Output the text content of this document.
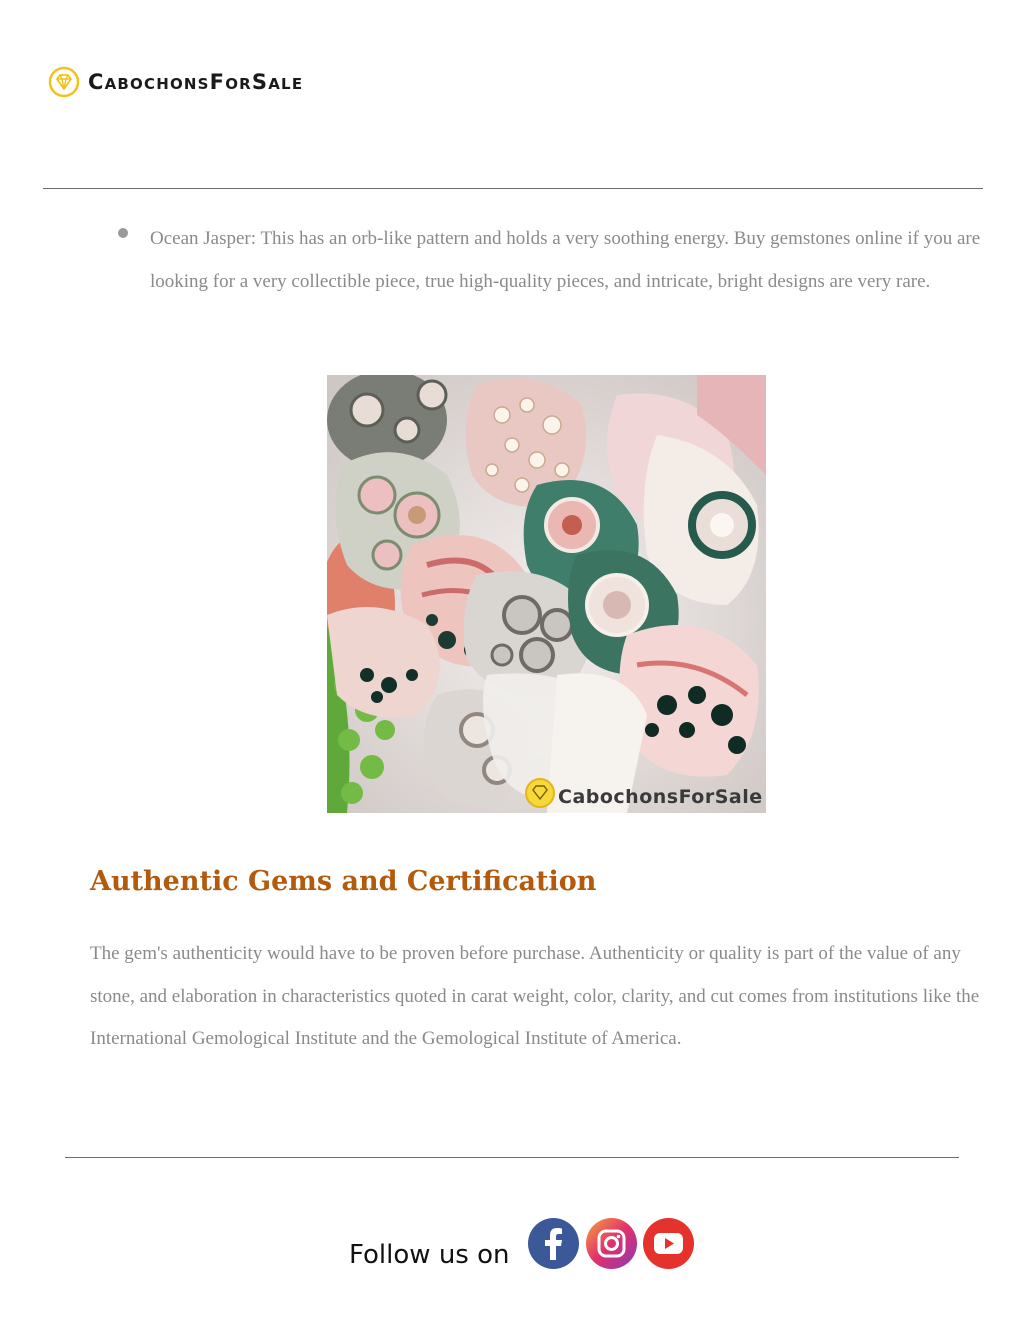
CabochonsForSale
Ocean Jasper: This has an orb-like pattern and holds a very soothing energy. Buy gemstones online if you are looking for a very collectible piece, true high-quality pieces, and intricate, bright designs are very rare.
CabochonsForSale
Authentic Gems and Certification

The gem's authenticity would have to be proven before purchase. Authenticity or quality is part of the value of any stone, and elaboration in characteristics quoted in carat weight, color, clarity, and cut comes from institutions like the International Gemological Institute and the Gemological Institute of America.

Follow us on
